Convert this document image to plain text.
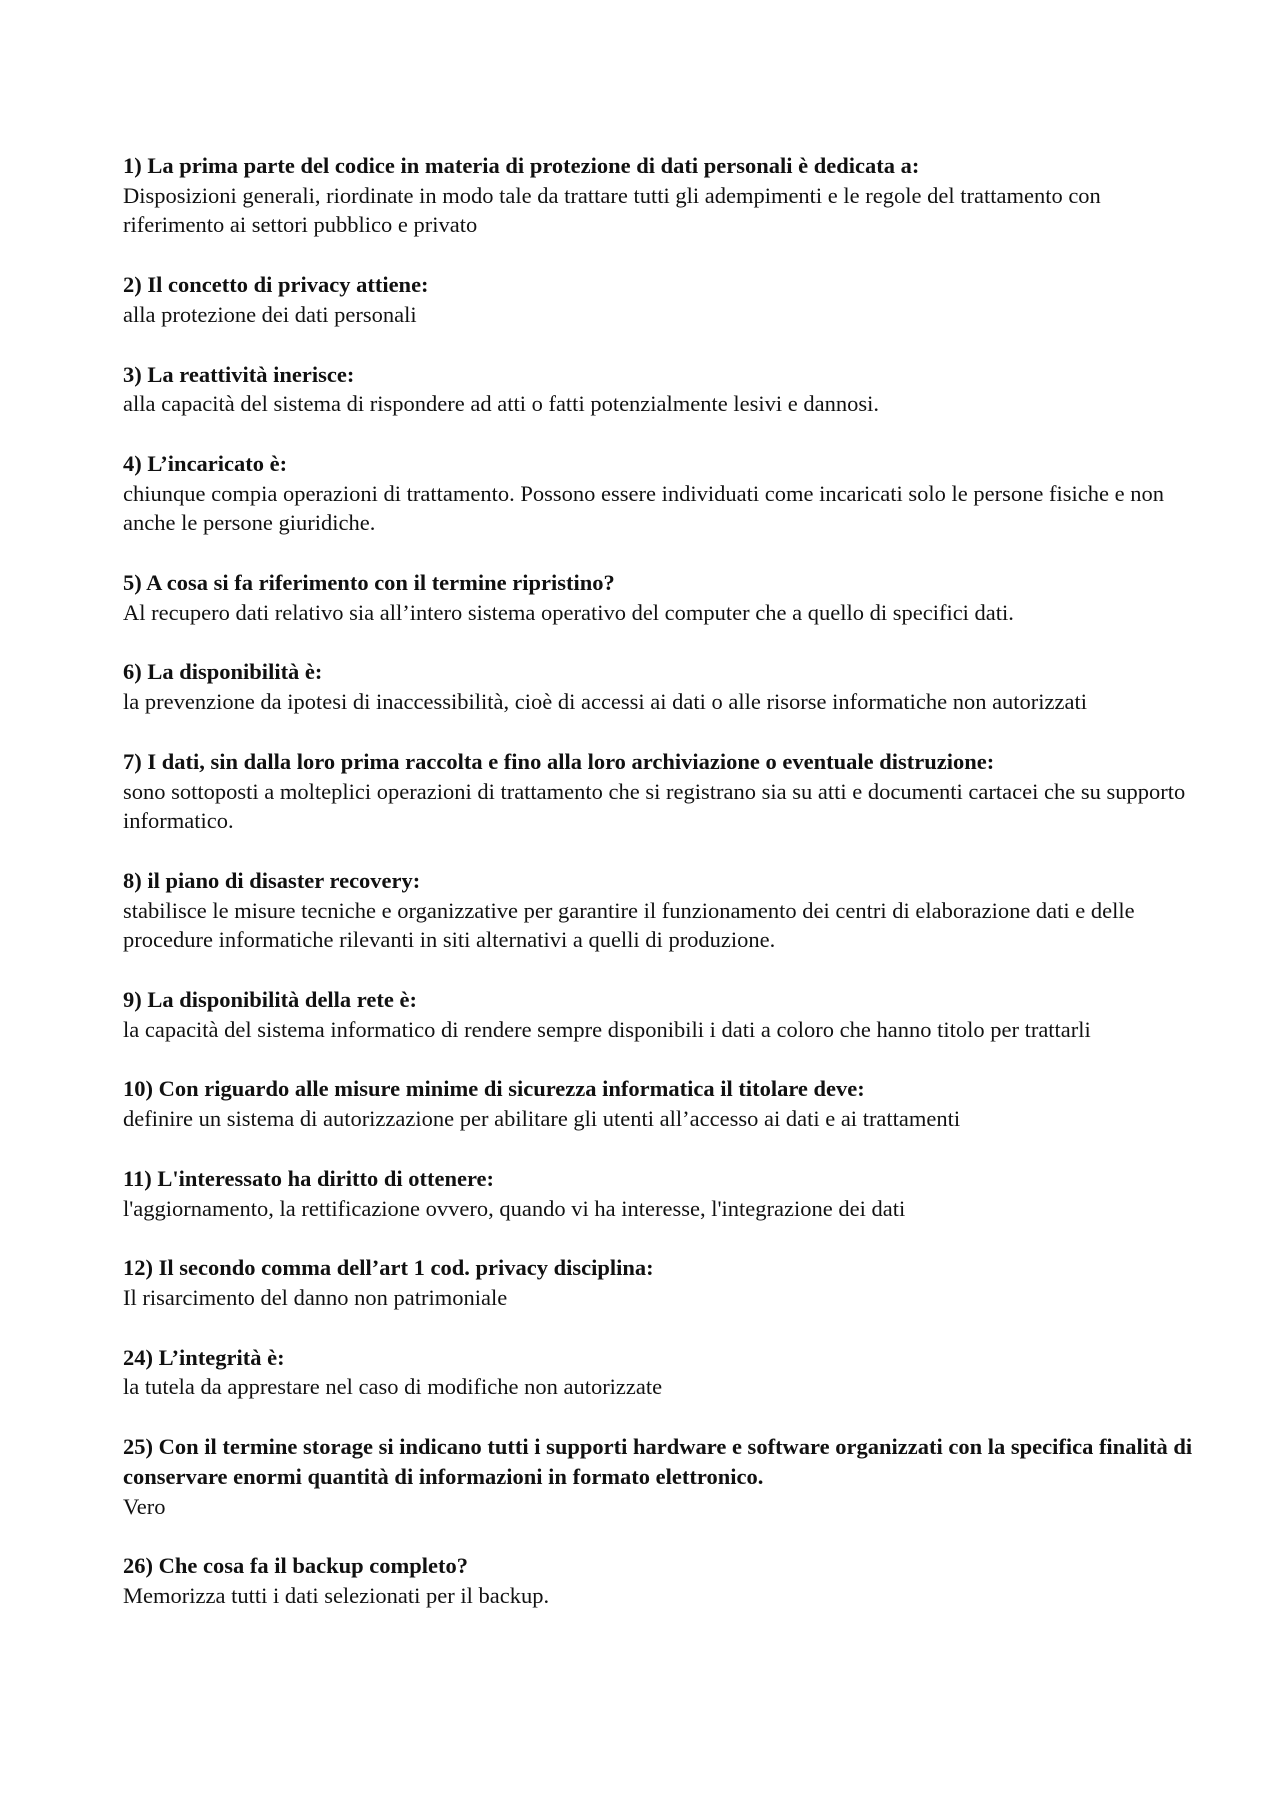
1) La prima parte del codice in materia di protezione di dati personali è dedicata a:

Disposizioni generali, riordinate in modo tale da trattare tutti gli adempimenti e le regole del trattamento con riferimento ai settori pubblico e privato

2) Il concetto di privacy attiene:

alla protezione dei dati personali

3) La reattività inerisce:

alla capacità del sistema di rispondere ad atti o fatti potenzialmente lesivi e dannosi.

4) L’incaricato è:

chiunque compia operazioni di trattamento. Possono essere individuati come incaricati solo le persone fisiche e non anche le persone giuridiche.

5) A cosa si fa riferimento con il termine ripristino?

Al recupero dati relativo sia all’intero sistema operativo del computer che a quello di specifici dati.

6) La disponibilità è:

la prevenzione da ipotesi di inaccessibilità, cioè di accessi ai dati o alle risorse informatiche non autorizzati

7) I dati, sin dalla loro prima raccolta e fino alla loro archiviazione o eventuale distruzione:

sono sottoposti a molteplici operazioni di trattamento che si registrano sia su atti e documenti cartacei che su supporto informatico.

8) il piano di disaster recovery:

stabilisce le misure tecniche e organizzative per garantire il funzionamento dei centri di elaborazione dati e delle procedure informatiche rilevanti in siti alternativi a quelli di produzione.

9) La disponibilità della rete è:

la capacità del sistema informatico di rendere sempre disponibili i dati a coloro che hanno titolo per trattarli

10) Con riguardo alle misure minime di sicurezza informatica il titolare deve:

definire un sistema di autorizzazione per abilitare gli utenti all’accesso ai dati e ai trattamenti

11) L'interessato ha diritto di ottenere:

l'aggiornamento, la rettificazione ovvero, quando vi ha interesse, l'integrazione dei dati

12) Il secondo comma dell’art 1 cod. privacy disciplina:

Il risarcimento del danno non patrimoniale

24) L’integrità è:

la tutela da apprestare nel caso di modifiche non autorizzate

25) Con il termine storage si indicano tutti i supporti hardware e software organizzati con la specifica finalità di conservare enormi quantità di informazioni in formato elettronico.

Vero

26) Che cosa fa il backup completo?

Memorizza tutti i dati selezionati per il backup.
